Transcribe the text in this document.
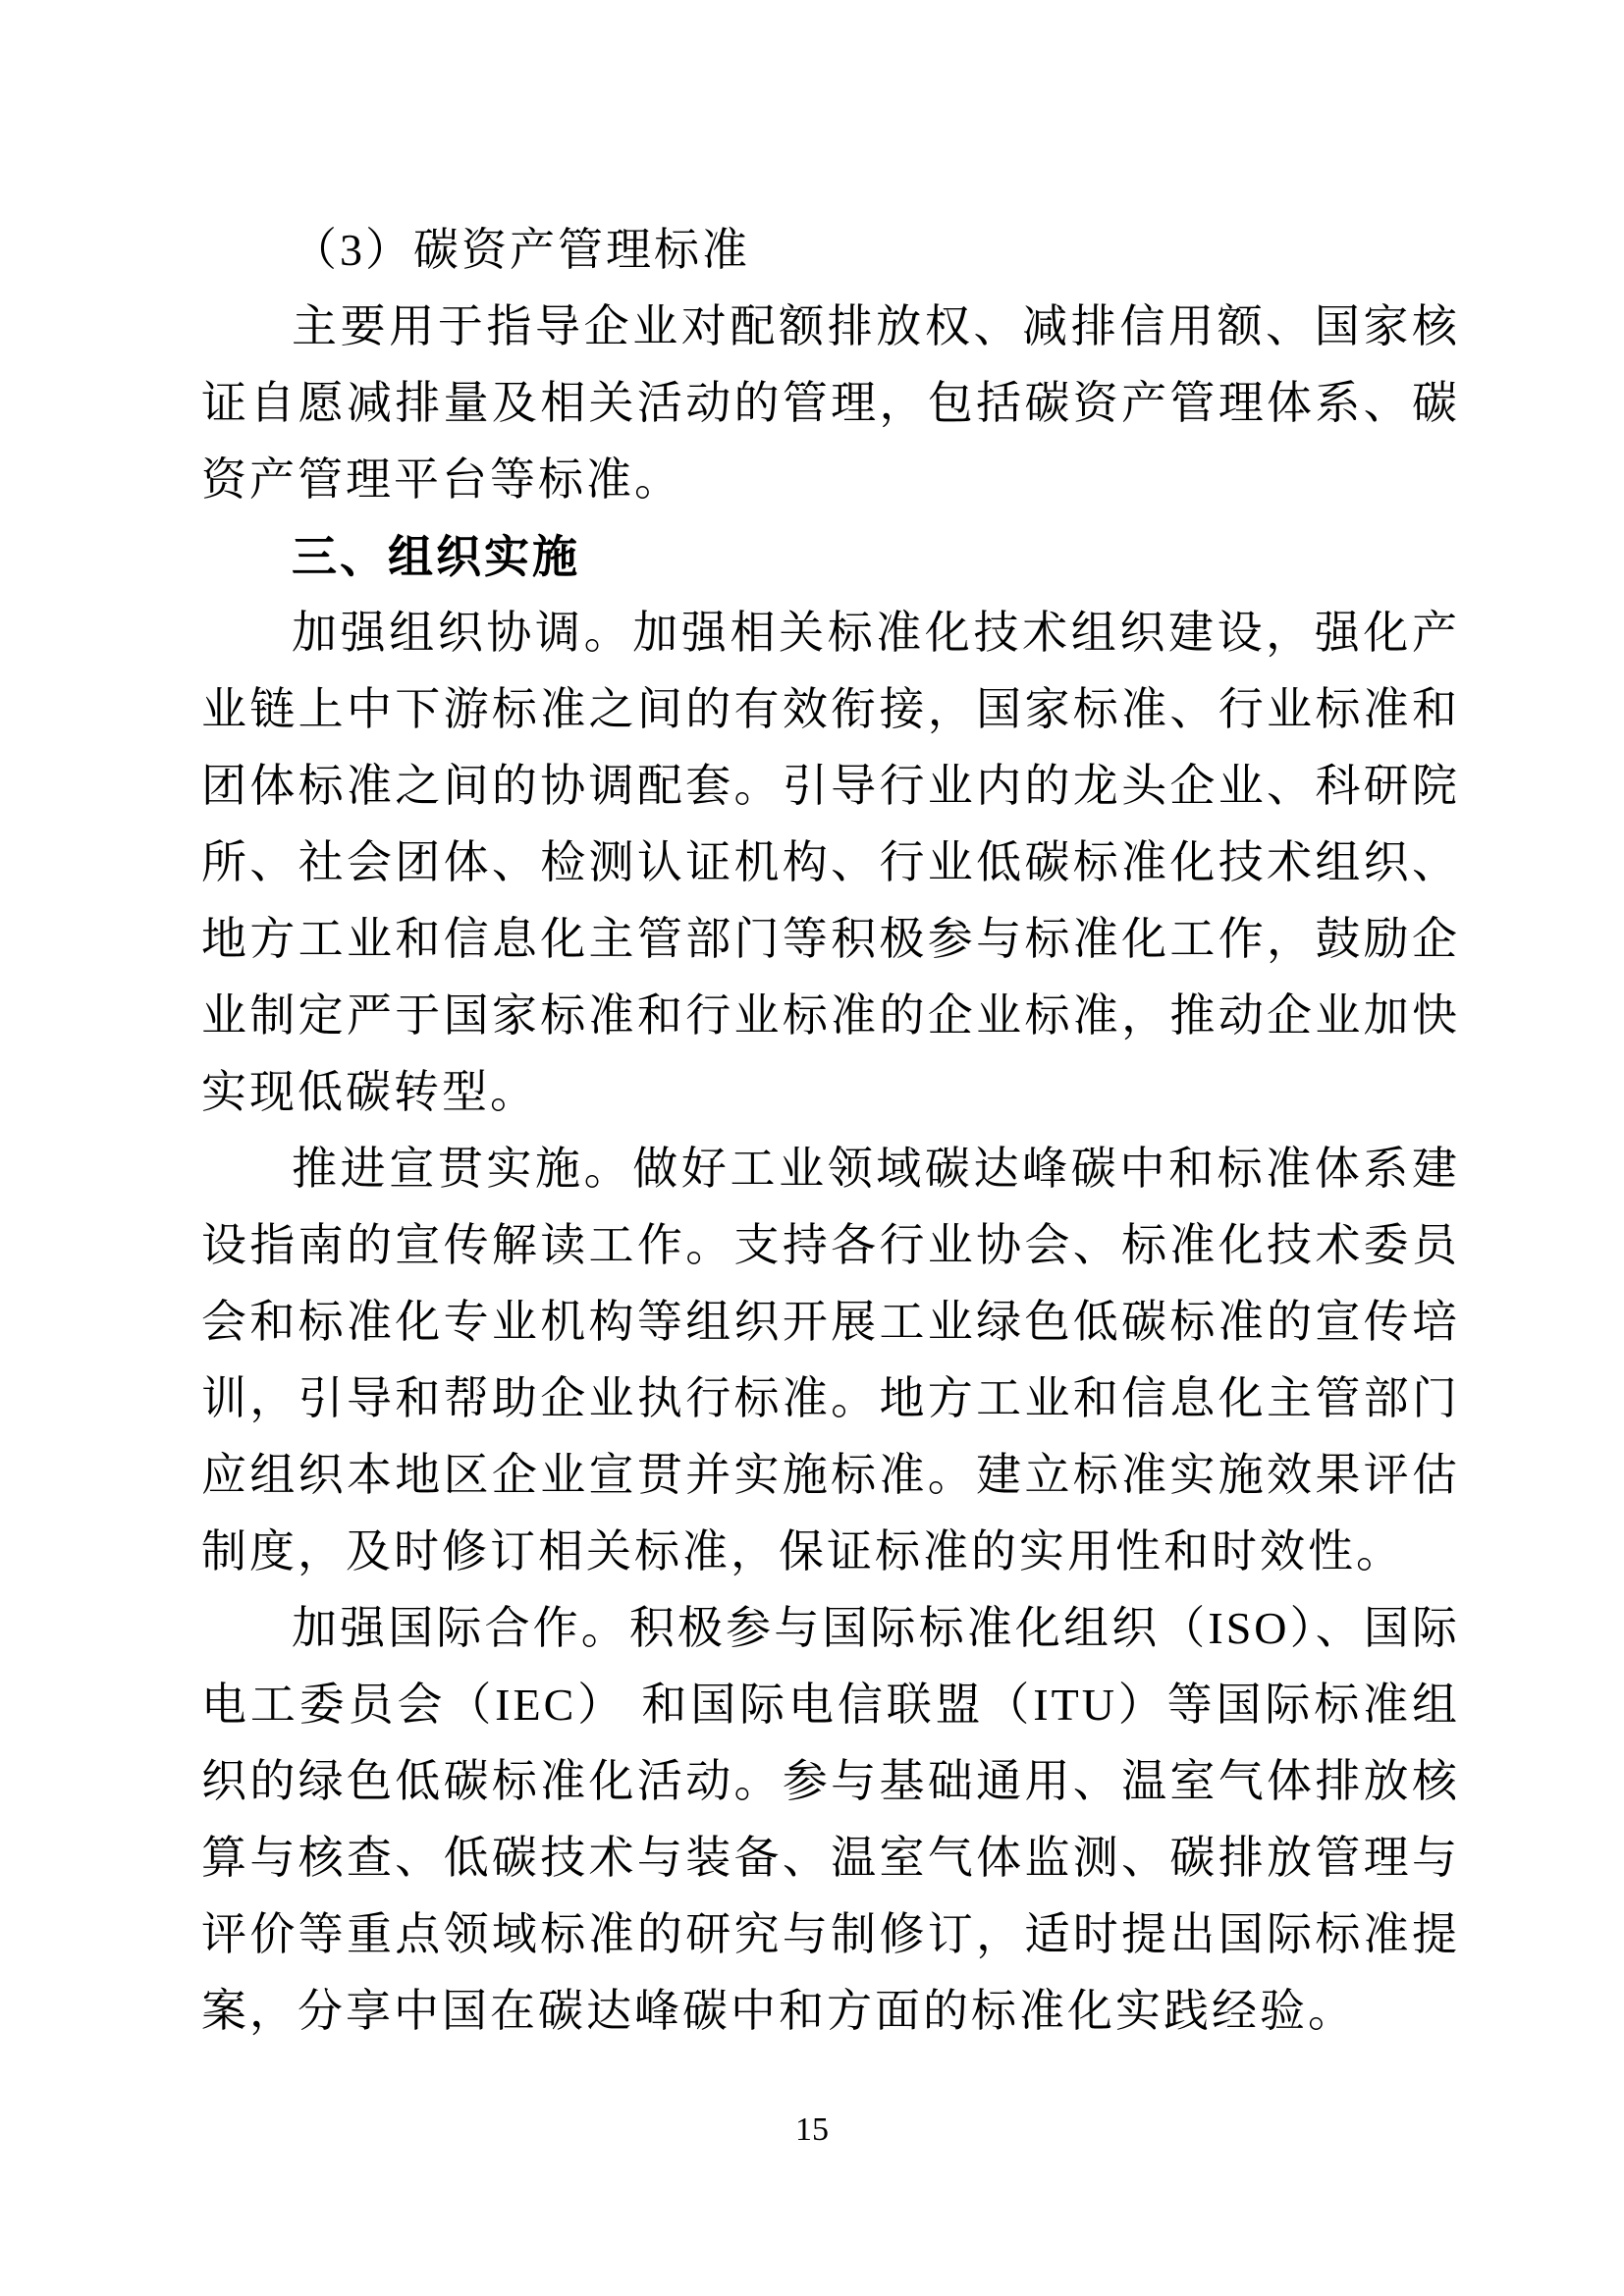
（3）碳资产管理标准

主要用于指导企业对配额排放权、减排信用额、国家核证自愿减排量及相关活动的管理，包括碳资产管理体系、碳资产管理平台等标准。

三、组织实施

加强组织协调。加强相关标准化技术组织建设，强化产业链上中下游标准之间的有效衔接，国家标准、行业标准和团体标准之间的协调配套。引导行业内的龙头企业、科研院所、社会团体、检测认证机构、行业低碳标准化技术组织、地方工业和信息化主管部门等积极参与标准化工作，鼓励企业制定严于国家标准和行业标准的企业标准，推动企业加快实现低碳转型。

推进宣贯实施。做好工业领域碳达峰碳中和标准体系建设指南的宣传解读工作。支持各行业协会、标准化技术委员会和标准化专业机构等组织开展工业绿色低碳标准的宣传培训，引导和帮助企业执行标准。地方工业和信息化主管部门应组织本地区企业宣贯并实施标准。建立标准实施效果评估制度，及时修订相关标准，保证标准的实用性和时效性。

加强国际合作。积极参与国际标准化组织（ISO）、国际电工委员会（IEC） 和国际电信联盟（ITU）等国际标准组织的绿色低碳标准化活动。参与基础通用、温室气体排放核算与核查、低碳技术与装备、温室气体监测、碳排放管理与评价等重点领域标准的研究与制修订，适时提出国际标准提案，分享中国在碳达峰碳中和方面的标准化实践经验。

15
